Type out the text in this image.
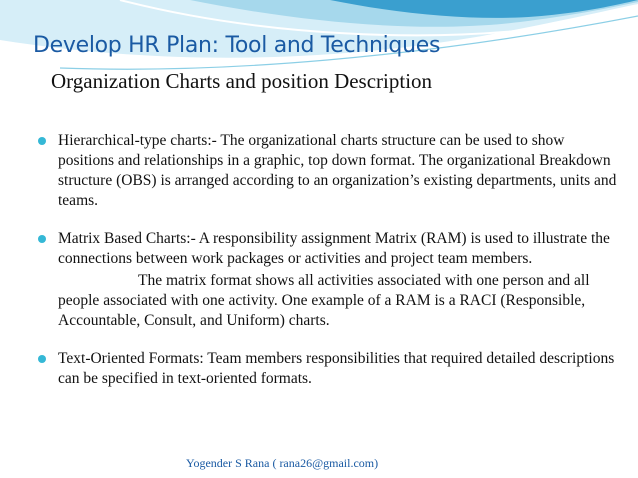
Develop HR Plan: Tool and Techniques
Organization Charts and position Description
Hierarchical-type charts:- The organizational charts structure can be used to show positions and relationships in a graphic, top down format. The organizational Breakdown structure (OBS) is arranged according to an organization’s existing departments, units and teams.
Matrix Based Charts:- A responsibility assignment Matrix (RAM) is used to illustrate the connections between work packages or activities and project team members.
The matrix format shows all activities associated with one person and all people associated with one activity. One example of a RAM is a RACI (Responsible, Accountable, Consult, and Uniform) charts.
Text-Oriented Formats: Team members responsibilities that required detailed descriptions can be specified in text-oriented formats.
Yogender S Rana ( rana26@gmail.com)
